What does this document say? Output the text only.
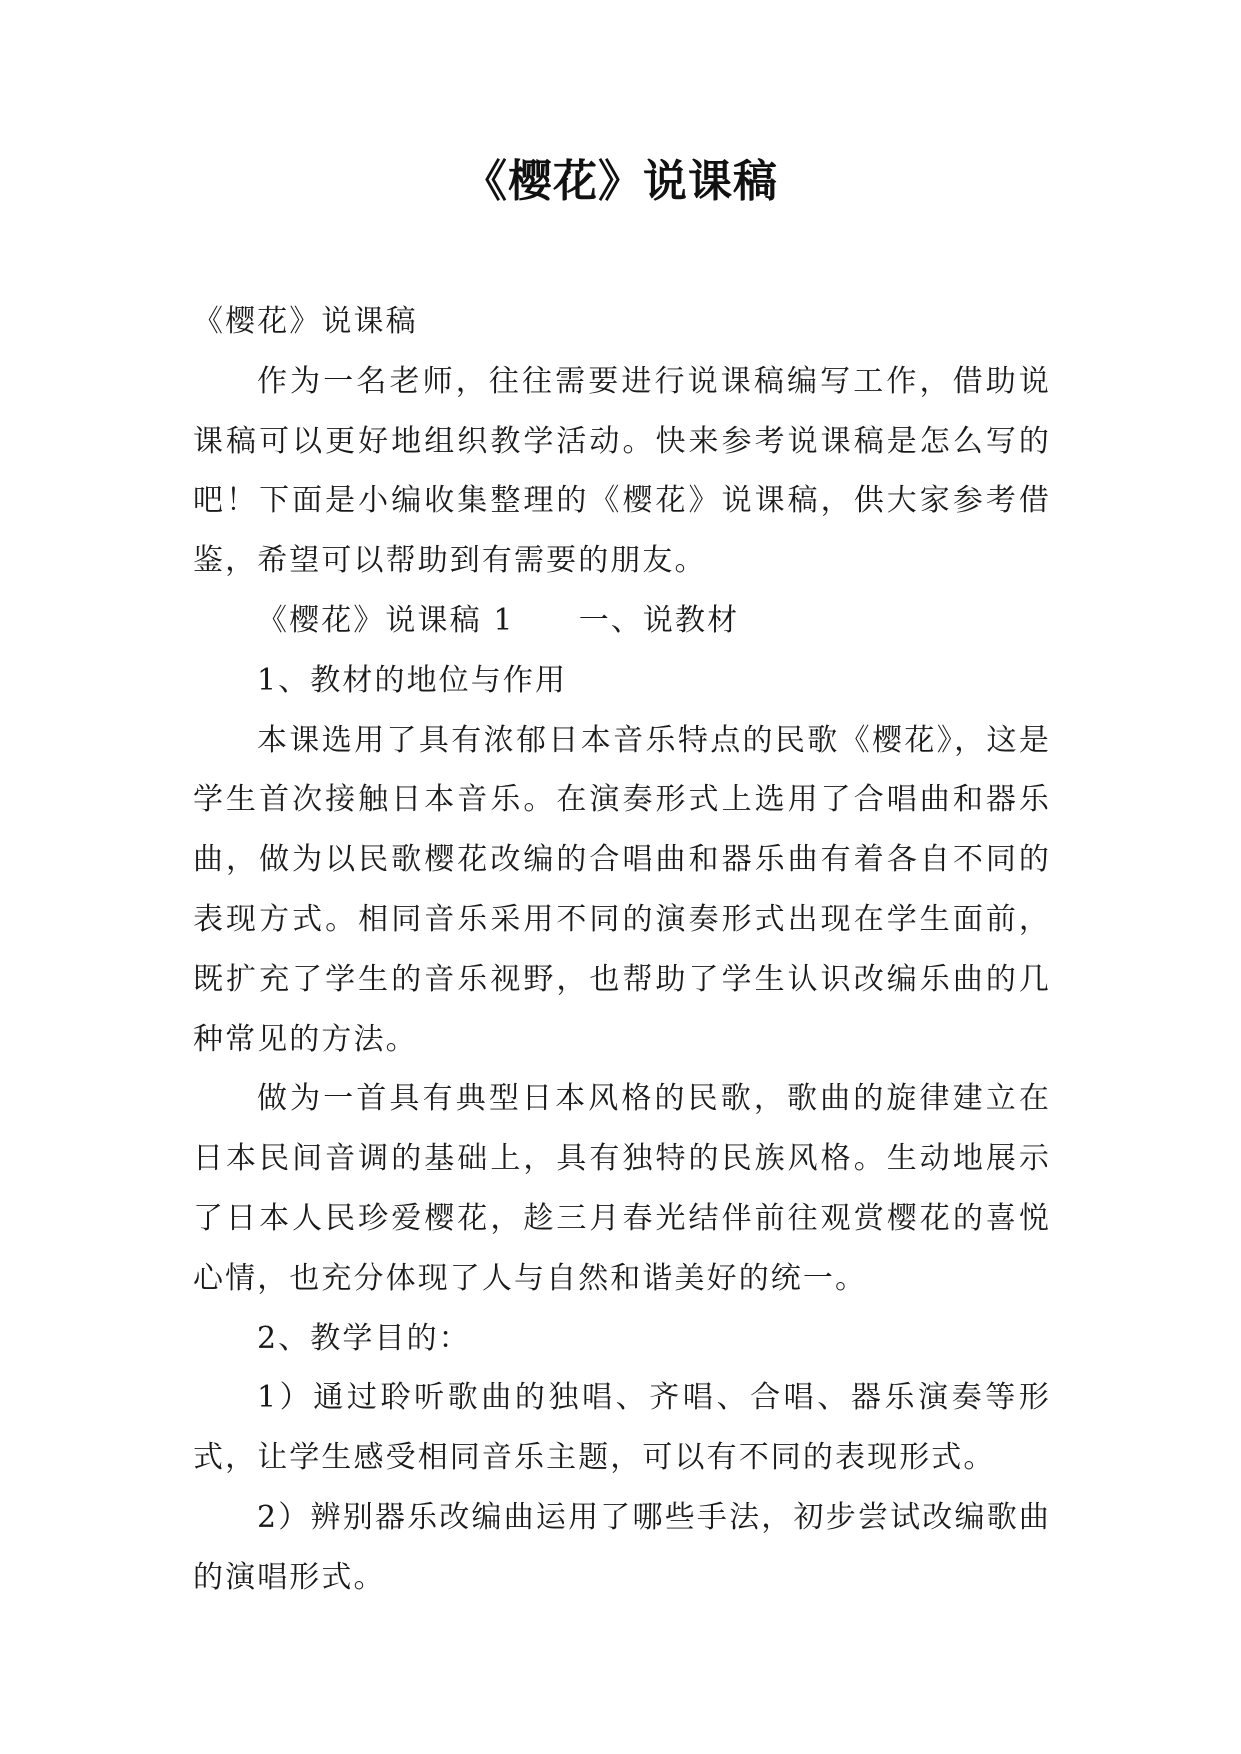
《樱花》说课稿

《樱花》说课稿

作为一名老师，往往需要进行说课稿编写工作，借助说课稿可以更好地组织教学活动。快来参考说课稿是怎么写的吧！下面是小编收集整理的《樱花》说课稿，供大家参考借鉴，希望可以帮助到有需要的朋友。

《樱花》说课稿 1　　一、说教材

1、教材的地位与作用

本课选用了具有浓郁日本音乐特点的民歌《樱花》，这是学生首次接触日本音乐。在演奏形式上选用了合唱曲和器乐曲，做为以民歌樱花改编的合唱曲和器乐曲有着各自不同的表现方式。相同音乐采用不同的演奏形式出现在学生面前，既扩充了学生的音乐视野，也帮助了学生认识改编乐曲的几种常见的方法。

做为一首具有典型日本风格的民歌，歌曲的旋律建立在日本民间音调的基础上，具有独特的民族风格。生动地展示了日本人民珍爱樱花，趁三月春光结伴前往观赏樱花的喜悦心情，也充分体现了人与自然和谐美好的统一。

2、教学目的：

1）通过聆听歌曲的独唱、齐唱、合唱、器乐演奏等形式，让学生感受相同音乐主题，可以有不同的表现形式。

2）辨别器乐改编曲运用了哪些手法，初步尝试改编歌曲的演唱形式。
